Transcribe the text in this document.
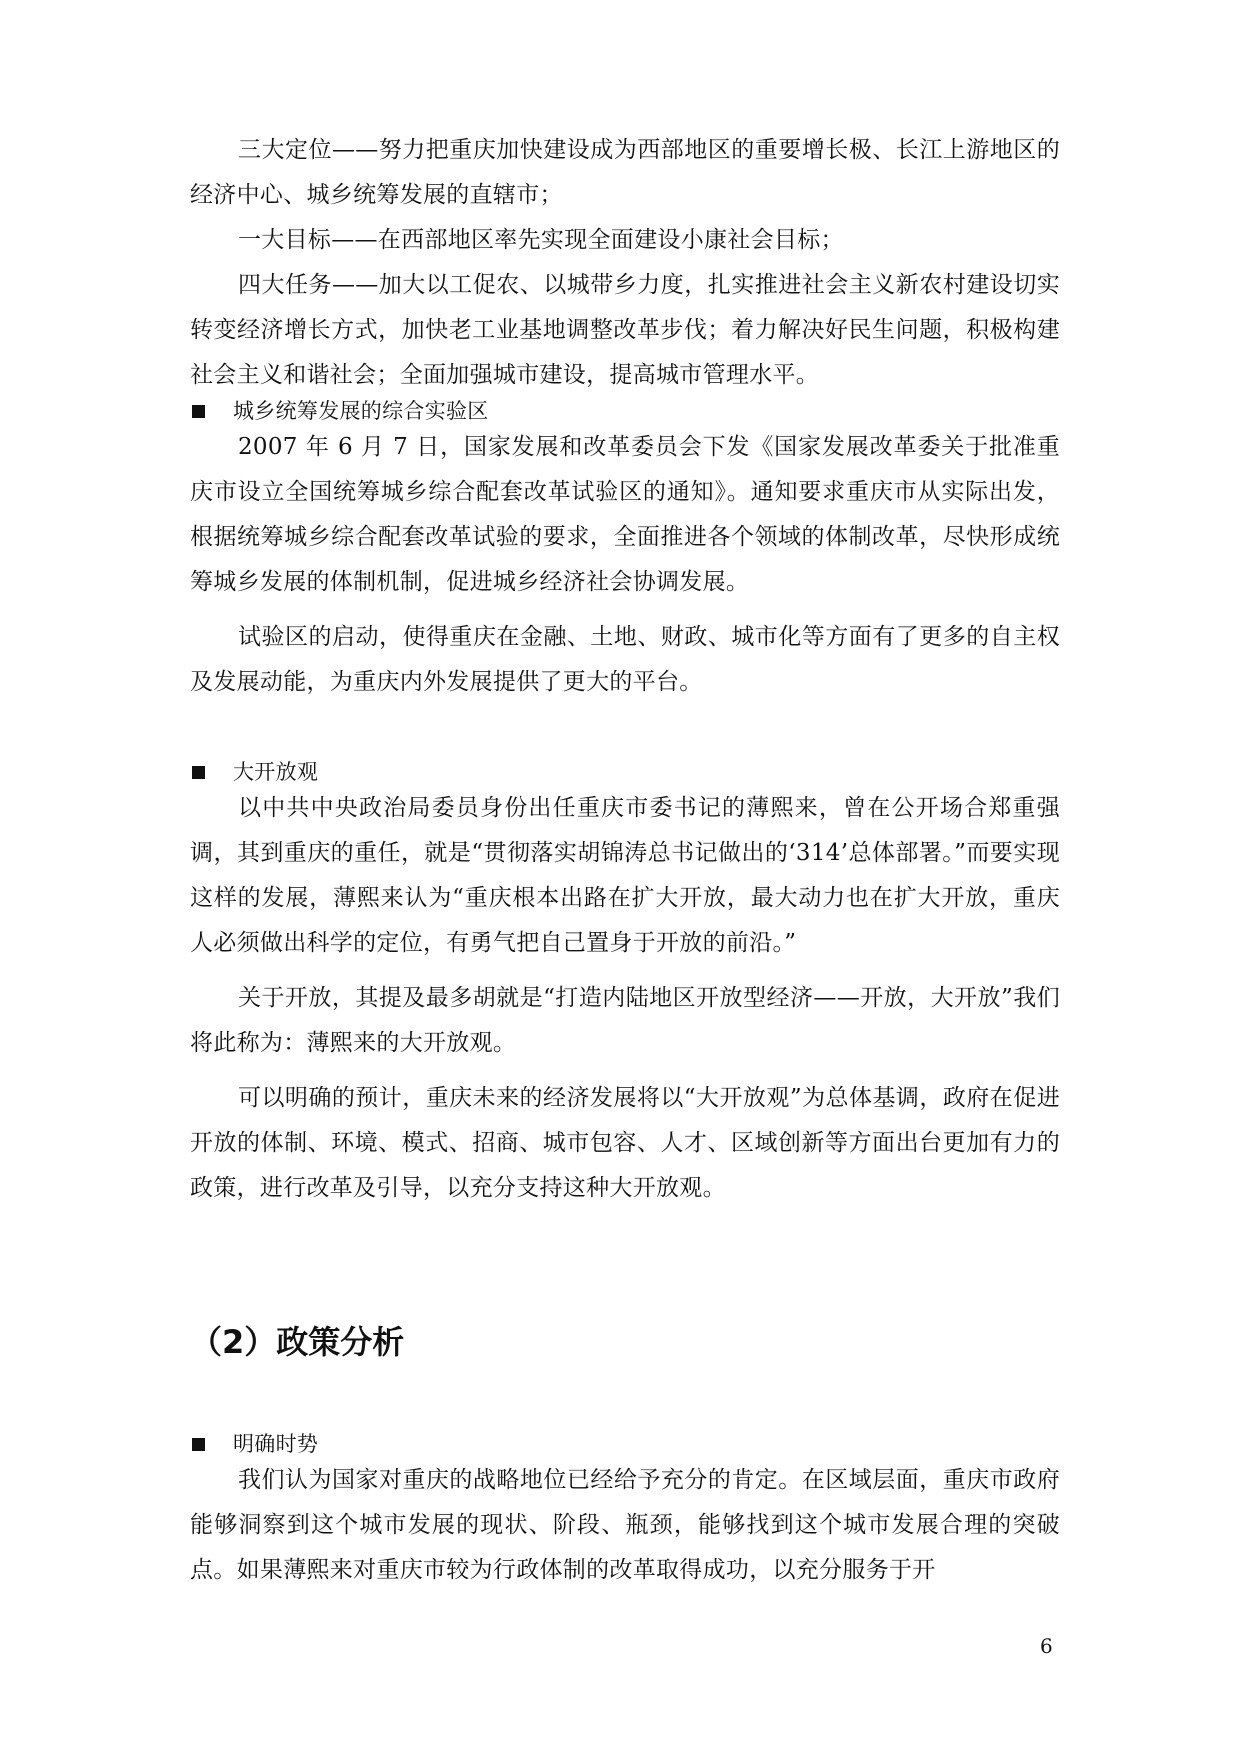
三大定位——努力把重庆加快建设成为西部地区的重要增长极、长江上游地区的经济中心、城乡统筹发展的直辖市；

一大目标——在西部地区率先实现全面建设小康社会目标；

四大任务——加大以工促农、以城带乡力度，扎实推进社会主义新农村建设切实转变经济增长方式，加快老工业基地调整改革步伐；着力解决好民生问题，积极构建社会主义和谐社会；全面加强城市建设，提高城市管理水平。

城乡统筹发展的综合实验区

2007 年 6 月 7 日，国家发展和改革委员会下发《国家发展改革委关于批准重庆市设立全国统筹城乡综合配套改革试验区的通知》。通知要求重庆市从实际出发，根据统筹城乡综合配套改革试验的要求，全面推进各个领域的体制改革，尽快形成统筹城乡发展的体制机制，促进城乡经济社会协调发展。

试验区的启动，使得重庆在金融、土地、财政、城市化等方面有了更多的自主权及发展动能，为重庆内外发展提供了更大的平台。

大开放观

以中共中央政治局委员身份出任重庆市委书记的薄熙来，曾在公开场合郑重强调，其到重庆的重任，就是“贯彻落实胡锦涛总书记做出的‘314’总体部署。”而要实现这样的发展，薄熙来认为“重庆根本出路在扩大开放，最大动力也在扩大开放，重庆人必须做出科学的定位，有勇气把自己置身于开放的前沿。”

关于开放，其提及最多胡就是“打造内陆地区开放型经济——开放，大开放”我们将此称为：薄熙来的大开放观。

可以明确的预计，重庆未来的经济发展将以“大开放观”为总体基调，政府在促进开放的体制、环境、模式、招商、城市包容、人才、区域创新等方面出台更加有力的政策，进行改革及引导，以充分支持这种大开放观。

（2）政策分析
明确时势

我们认为国家对重庆的战略地位已经给予充分的肯定。在区域层面，重庆市政府能够洞察到这个城市发展的现状、阶段、瓶颈，能够找到这个城市发展合理的突破点。如果薄熙来对重庆市较为行政体制的改革取得成功，以充分服务于开

6
